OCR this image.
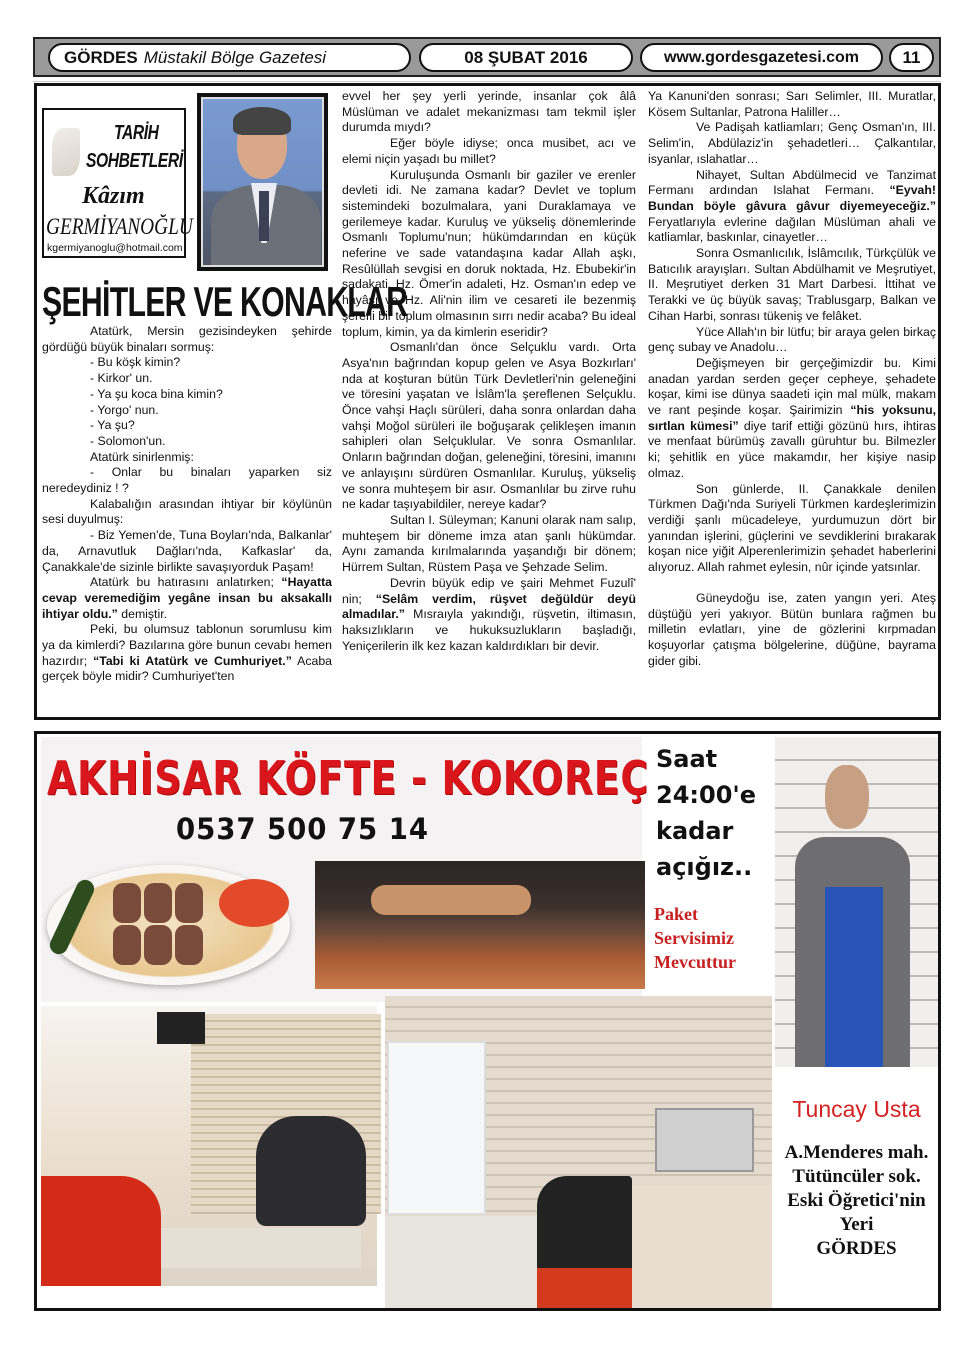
GÖRDES Müstakil Bölge Gazetesi	08 ŞUBAT 2016	www.gordesgazetesi.com	11
TARİH
SOHBETLERİ
Kâzım
GERMİYANOĞLU
kgermiyanoglu@hotmail.com
ŞEHİTLER VE KONAKLAR

Atatürk, Mersin gezisindeyken şehirde gördüğü büyük binaları sormuş:

- Bu köşk kimin?

- Kirkor' un.

- Ya şu koca bina kimin?

- Yorgo' nun.

- Ya şu?

- Solomon'un.

Atatürk sinirlenmiş:

- Onlar bu binaları yaparken siz neredeydiniz ! ?

Kalabalığın arasından ihtiyar bir köylünün sesi duyulmuş:

- Biz Yemen'de, Tuna Boyları'nda, Balkanlar' da, Arnavutluk Dağları'nda, Kafkaslar' da, Çanakkale'de sizinle birlikte savaşıyorduk Paşam!

Atatürk bu hatırasını anlatırken; “Hayatta cevap veremediğim yegâne insan bu aksakallı ihtiyar oldu.” demiştir.

Peki, bu olumsuz tablonun sorumlusu kim ya da kimlerdi? Bazılarına göre bunun cevabı hemen hazırdır; “Tabi ki Atatürk ve Cumhuriyet.” Acaba gerçek böyle midir? Cumhuriyet'ten

evvel her şey yerli yerinde, insanlar çok âlâ Müslüman ve adalet mekanizması tam tekmil işler durumda mıydı?

Eğer böyle idiyse; onca musibet, acı ve elemi niçin yaşadı bu millet?

Kuruluşunda Osmanlı bir gaziler ve erenler devleti idi. Ne zamana kadar? Devlet ve toplum sistemindeki bozulmalara, yani Duraklamaya ve gerilemeye kadar. Kuruluş ve yükseliş dönemlerinde Osmanlı Toplumu'nun; hükümdarından en küçük neferine ve sade vatandaşına kadar Allah aşkı, Resûlüllah sevgisi en doruk noktada, Hz. Ebubekir'in sadakati, Hz. Ömer'in adaleti, Hz. Osman'ın edep ve hayâsı ve Hz. Ali'nin ilim ve cesareti ile bezenmiş şerefli bir toplum olmasının sırrı nedir acaba? Bu ideal toplum, kimin, ya da kimlerin eseridir?

Osmanlı'dan önce Selçuklu vardı. Orta Asya'nın bağrından kopup gelen ve Asya Bozkırları' nda at koşturan bütün Türk Devletleri'nin geleneğini ve töresini yaşatan ve İslâm'la şereflenen Selçuklu. Önce vahşi Haçlı sürüleri, daha sonra onlardan daha vahşi Moğol sürüleri ile boğuşarak çelikleşen imanın sahipleri olan Selçuklular. Ve sonra Osmanlılar. Onların bağrından doğan, geleneğini, töresini, imanını ve anlayışını sürdüren Osmanlılar. Kuruluş, yükseliş ve sonra muhteşem bir asır. Osmanlılar bu zirve ruhu ne kadar taşıyabildiler, nereye kadar?

Sultan I. Süleyman; Kanuni olarak nam salıp, muhteşem bir döneme imza atan şanlı hükümdar. Aynı zamanda kırılmalarında yaşandığı bir dönem; Hürrem Sultan, Rüstem Paşa ve Şehzade Selim.

Devrin büyük edip ve şairi Mehmet Fuzulî' nin; “Selâm verdim, rüşvet değüldür deyü almadılar.” Mısraıyla yakındığı, rüşvetin, iltimasın, haksızlıkların ve hukuksuzlukların başladığı, Yeniçerilerin ilk kez kazan kaldırdıkları bir devir.

Ya Kanuni'den sonrası; Sarı Selimler, III. Muratlar, Kösem Sultanlar, Patrona Haliller…

Ve Padişah katliamları; Genç Osman'ın, III. Selim'in, Abdülaziz'in şehadetleri… Çalkantılar, isyanlar, ıslahatlar…

Nihayet, Sultan Abdülmecid ve Tanzimat Fermanı ardından Islahat Fermanı. “Eyvah! Bundan böyle gâvura gâvur diyemeyeceğiz.” Feryatlarıyla evlerine dağılan Müslüman ahali ve katliamlar, baskınlar, cinayetler…

Sonra Osmanlıcılık, İslâmcılık, Türkçülük ve Batıcılık arayışları. Sultan Abdülhamit ve Meşrutiyet, II. Meşrutiyet derken 31 Mart Darbesi. İttihat ve Terakki ve üç büyük savaş; Trablusgarp, Balkan ve Cihan Harbi, sonrası tükeniş ve felâket.

Yüce Allah'ın bir lütfu; bir araya gelen birkaç genç subay ve Anadolu…

Değişmeyen bir gerçeğimizdir bu. Kimi anadan yardan serden geçer cepheye, şehadete koşar, kimi ise dünya saadeti için mal mülk, makam ve rant peşinde koşar. Şairimizin “his yoksunu, sırtlan kümesi” diye tarif ettiği gözünü hırs, ihtiras ve menfaat bürümüş zavallı güruhtur bu. Bilmezler ki; şehitlik en yüce makamdır, her kişiye nasip olmaz.

Son günlerde, II. Çanakkale denilen Türkmen Dağı'nda Suriyeli Türkmen kardeşlerimizin verdiği şanlı mücadeleye, yurdumuzun dört bir yanından işlerini, güçlerini ve sevdiklerini bırakarak koşan nice yiğit Alperenlerimizin şehadet haberlerini alıyoruz. Allah rahmet eylesin, nûr içinde yatsınlar.

Güneydoğu ise, zaten yangın yeri. Ateş düştüğü yeri yakıyor. Bütün bunlara rağmen bu milletin evlatları, yine de gözlerini kırpmadan koşuyorlar çatışma bölgelerine, düğüne, bayrama gider gibi.

AKHİSAR KÖFTE - KOKOREÇ
0537 500 75 14
Saat
24:00'e
kadar
açığız..
Paket
Servisimiz
Mevcuttur
Tuncay Usta
A.Menderes mah.
Tütüncüler sok.
Eski Öğretici'nin
Yeri
GÖRDES
